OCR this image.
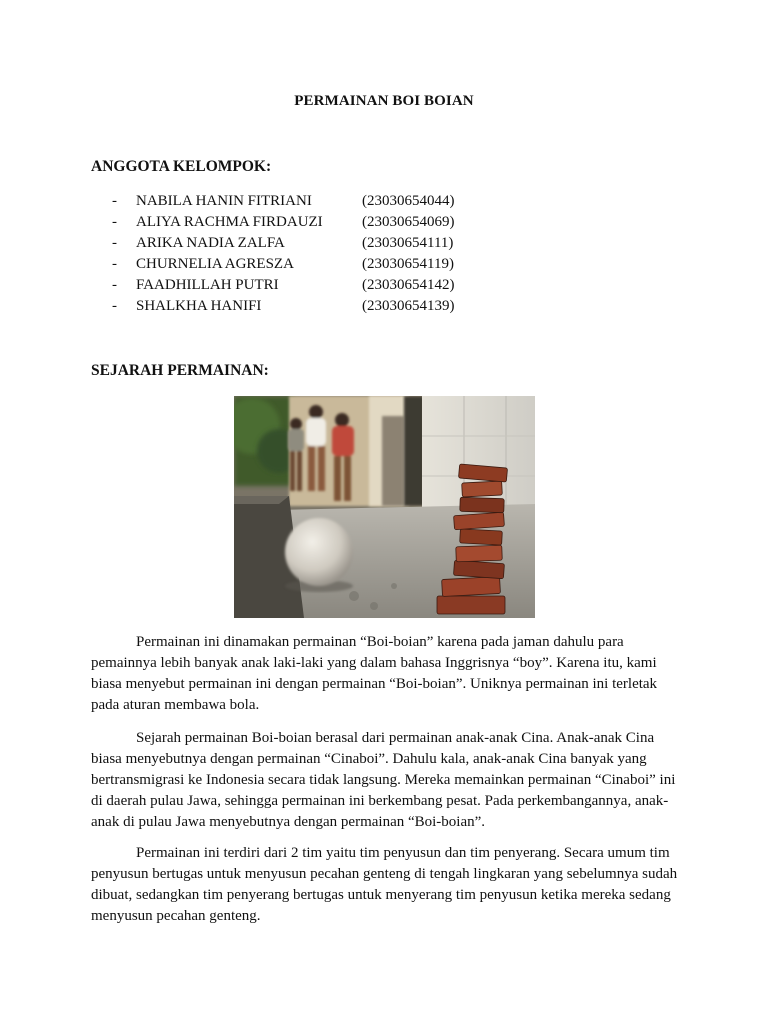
PERMAINAN BOI BOIAN
ANGGOTA KELOMPOK:
- NABILA HANIN FITRIANI	(23030654044)
- ALIYA RACHMA FIRDAUZI	(23030654069)
- ARIKA NADIA ZALFA	(23030654111)
- CHURNELIA AGRESZA	(23030654119)
- FAADHILLAH PUTRI	(23030654142)
- SHALKHA HANIFI	(23030654139)
SEJARAH PERMAINAN:

Permainan ini dinamakan permainan “Boi-boian” karena pada jaman dahulu para pemainnya lebih banyak anak laki-laki yang dalam bahasa Inggrisnya “boy”. Karena itu, kami biasa menyebut permainan ini dengan permainan “Boi-boian”. Uniknya permainan ini terletak pada aturan membawa bola.

Sejarah permainan Boi-boian berasal dari permainan anak-anak Cina. Anak-anak Cina biasa menyebutnya dengan permainan “Cinaboi”. Dahulu kala, anak-anak Cina banyak yang bertransmigrasi ke Indonesia secara tidak langsung. Mereka memainkan permainan “Cinaboi” ini di daerah pulau Jawa, sehingga permainan ini berkembang pesat. Pada perkembangannya, anak-anak di pulau Jawa menyebutnya dengan permainan “Boi-boian”.

Permainan ini terdiri dari 2 tim yaitu tim penyusun dan tim penyerang. Secara umum tim penyusun bertugas untuk menyusun pecahan genteng di tengah lingkaran yang sebelumnya sudah dibuat, sedangkan tim penyerang bertugas untuk menyerang tim penyusun ketika mereka sedang menyusun pecahan genteng.
